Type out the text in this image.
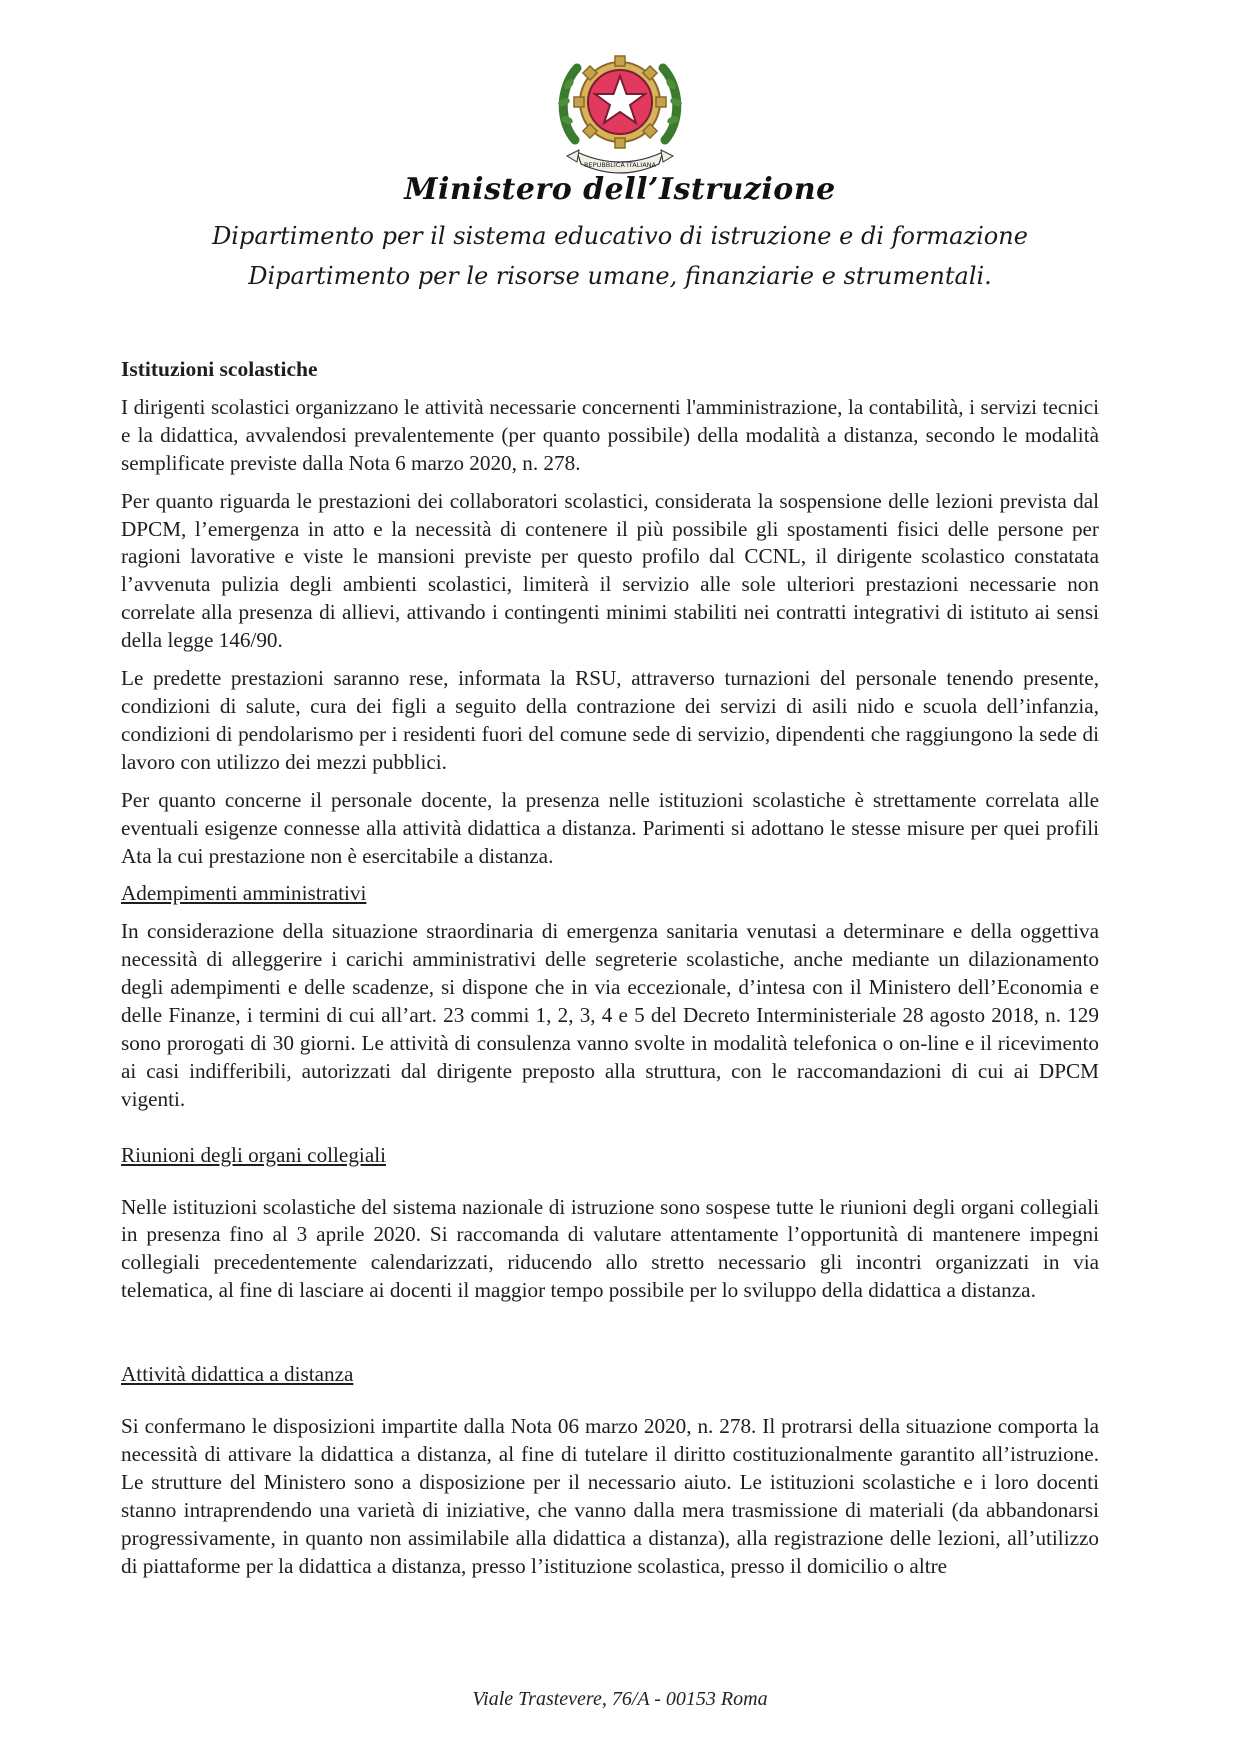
REPUBBLICA ITALIANA
Ministero dell’Istruzione
Dipartimento per il sistema educativo di istruzione e di formazione
Dipartimento per le risorse umane, finanziarie e strumentali.

Istituzioni scolastiche

I dirigenti scolastici organizzano le attività necessarie concernenti l'amministrazione, la contabilità, i servizi tecnici e la didattica, avvalendosi prevalentemente (per quanto possibile) della modalità a distanza, secondo le modalità semplificate previste dalla Nota 6 marzo 2020, n. 278.

Per quanto riguarda le prestazioni dei collaboratori scolastici, considerata la sospensione delle lezioni prevista dal DPCM, l’emergenza in atto e la necessità di contenere il più possibile gli spostamenti fisici delle persone per ragioni lavorative e viste le mansioni previste per questo profilo dal CCNL, il dirigente scolastico constatata l’avvenuta pulizia degli ambienti scolastici, limiterà il servizio alle sole ulteriori prestazioni necessarie non correlate alla presenza di allievi, attivando i contingenti minimi stabiliti nei contratti integrativi di istituto ai sensi della legge 146/90.

Le predette prestazioni saranno rese, informata la RSU, attraverso turnazioni del personale tenendo presente, condizioni di salute, cura dei figli a seguito della contrazione dei servizi di asili nido e scuola dell’infanzia, condizioni di pendolarismo per i residenti fuori del comune sede di servizio, dipendenti che raggiungono la sede di lavoro con utilizzo dei mezzi pubblici.

Per quanto concerne il personale docente, la presenza nelle istituzioni scolastiche è strettamente correlata alle eventuali esigenze connesse alla attività didattica a distanza. Parimenti si adottano le stesse misure per quei profili Ata la cui prestazione non è esercitabile a distanza.

Adempimenti amministrativi

In considerazione della situazione straordinaria di emergenza sanitaria venutasi a determinare e della oggettiva necessità di alleggerire i carichi amministrativi delle segreterie scolastiche, anche mediante un dilazionamento degli adempimenti e delle scadenze, si dispone che in via eccezionale, d’intesa con il Ministero dell’Economia e delle Finanze, i termini di cui all’art. 23 commi 1, 2, 3, 4 e 5 del Decreto Interministeriale 28 agosto 2018, n. 129 sono prorogati di 30 giorni. Le attività di consulenza vanno svolte in modalità telefonica o on-line e il ricevimento ai casi indifferibili, autorizzati dal dirigente preposto alla struttura, con le raccomandazioni di cui ai DPCM vigenti.

Riunioni degli organi collegiali

Nelle istituzioni scolastiche del sistema nazionale di istruzione sono sospese tutte le riunioni degli organi collegiali in presenza fino al 3 aprile 2020. Si raccomanda di valutare attentamente l’opportunità di mantenere impegni collegiali precedentemente calendarizzati, riducendo allo stretto necessario gli incontri organizzati in via telematica, al fine di lasciare ai docenti il maggior tempo possibile per lo sviluppo della didattica a distanza.

Attività didattica a distanza

Si confermano le disposizioni impartite dalla Nota 06 marzo 2020, n. 278. Il protrarsi della situazione comporta la necessità di attivare la didattica a distanza, al fine di tutelare il diritto costituzionalmente garantito all’istruzione. Le strutture del Ministero sono a disposizione per il necessario aiuto. Le istituzioni scolastiche e i loro docenti stanno intraprendendo una varietà di iniziative, che vanno dalla mera trasmissione di materiali (da abbandonarsi progressivamente, in quanto non assimilabile alla didattica a distanza), alla registrazione delle lezioni, all’utilizzo di piattaforme per la didattica a distanza, presso l’istituzione scolastica, presso il domicilio o altre

Viale Trastevere, 76/A - 00153 Roma
